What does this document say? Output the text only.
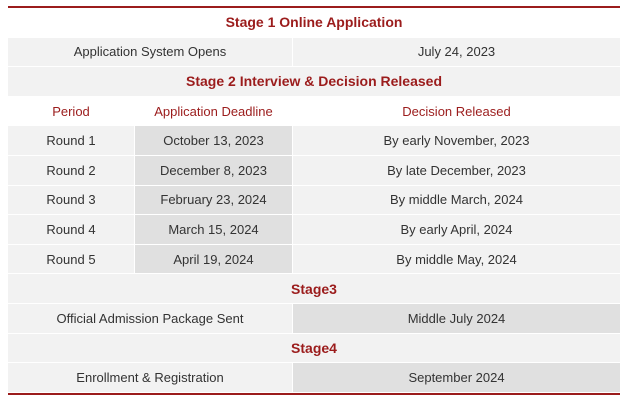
Stage 1 Online Application
Application System Opens	July 24, 2023
Stage 2 Interview & Decision Released
Period	Application Deadline	Decision Released
Round 1	October 13, 2023	By early November, 2023
Round 2	December 8, 2023	By late December, 2023
Round 3	February 23, 2024	By middle March, 2024
Round 4	March 15, 2024	By early April, 2024
Round 5	April 19, 2024	By middle May, 2024
Stage3
Official Admission Package Sent	Middle July 2024
Stage4
Enrollment & Registration	September 2024
